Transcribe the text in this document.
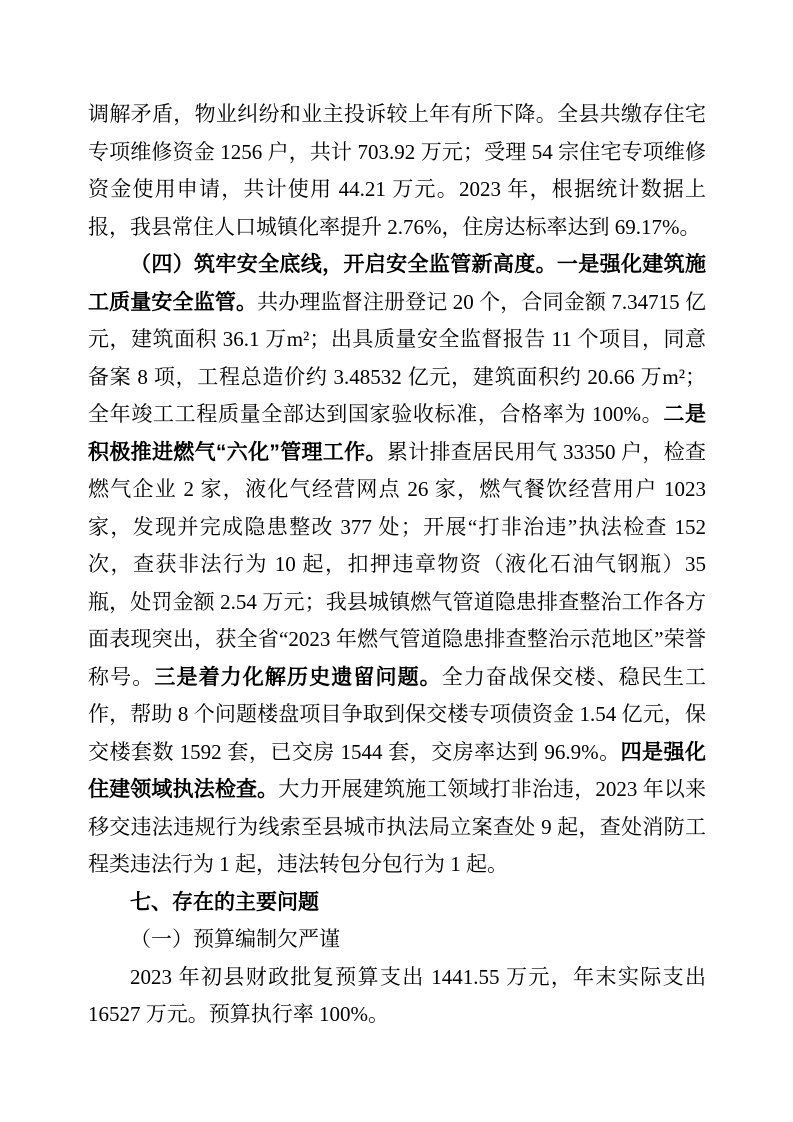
调解矛盾，物业纠纷和业主投诉较上年有所下降。全县共缴存住宅专项维修资金 1256 户，共计 703.92 万元；受理 54 宗住宅专项维修资金使用申请，共计使用 44.21 万元。2023 年，根据统计数据上报，我县常住人口城镇化率提升 2.76%，住房达标率达到 69.17%。

（四）筑牢安全底线，开启安全监管新高度。一是强化建筑施工质量安全监管。共办理监督注册登记 20 个，合同金额 7.34715 亿元，建筑面积 36.1 万m²；出具质量安全监督报告 11 个项目，同意备案 8 项，工程总造价约 3.48532 亿元，建筑面积约 20.66 万m²；全年竣工工程质量全部达到国家验收标准，合格率为 100%。二是积极推进燃气“六化”管理工作。累计排查居民用气 33350 户，检查燃气企业 2 家，液化气经营网点 26 家，燃气餐饮经营用户 1023 家，发现并完成隐患整改 377 处；开展“打非治违”执法检查 152 次，查获非法行为 10 起，扣押违章物资（液化石油气钢瓶）35 瓶，处罚金额 2.54 万元；我县城镇燃气管道隐患排查整治工作各方面表现突出，获全省“2023 年燃气管道隐患排查整治示范地区”荣誉称号。三是着力化解历史遗留问题。全力奋战保交楼、稳民生工作，帮助 8 个问题楼盘项目争取到保交楼专项债资金 1.54 亿元，保交楼套数 1592 套，已交房 1544 套，交房率达到 96.9%。四是强化住建领域执法检查。大力开展建筑施工领域打非治违，2023 年以来移交违法违规行为线索至县城市执法局立案查处 9 起，查处消防工程类违法行为 1 起，违法转包分包行为 1 起。

七、存在的主要问题

（一）预算编制欠严谨

2023 年初县财政批复预算支出 1441.55 万元，年末实际支出 16527 万元。预算执行率 100%。
